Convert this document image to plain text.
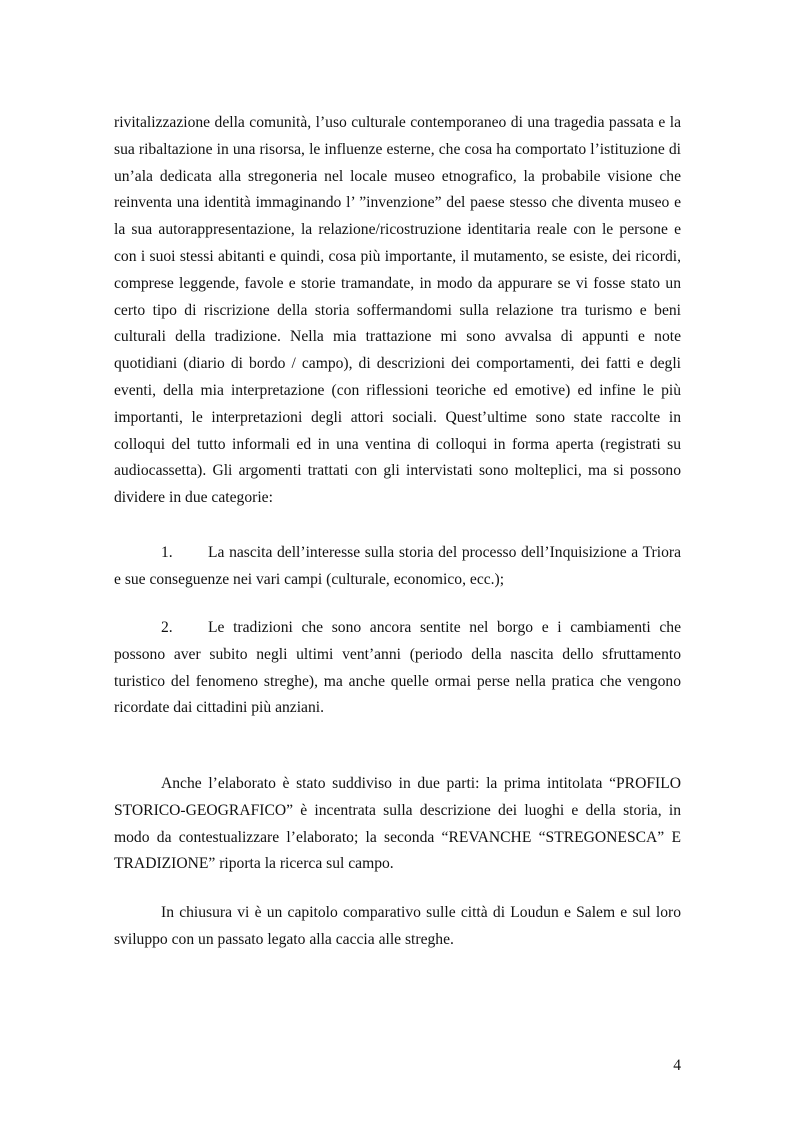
rivitalizzazione della comunità, l’uso culturale contemporaneo di una tragedia passata e la sua ribaltazione in una risorsa, le influenze esterne, che cosa ha comportato l’istituzione di un’ala dedicata alla stregoneria nel locale museo etnografico, la probabile visione che reinventa una identità immaginando l’ ”invenzione” del paese stesso che diventa museo e la sua autorappresentazione, la relazione/ricostruzione identitaria reale con le persone e con i suoi stessi abitanti e quindi, cosa più importante, il mutamento, se esiste, dei ricordi, comprese leggende, favole e storie tramandate, in modo da appurare se vi fosse stato un certo tipo di riscrizione della storia soffermandomi sulla relazione tra turismo e beni culturali della tradizione. Nella mia trattazione mi sono avvalsa di appunti e note quotidiani (diario di bordo / campo), di descrizioni dei comportamenti, dei fatti e degli eventi, della mia interpretazione (con riflessioni teoriche ed emotive) ed infine le più importanti, le interpretazioni degli attori sociali. Quest’ultime sono state raccolte in colloqui del tutto informali ed in una ventina di colloqui in forma aperta (registrati su audiocassetta). Gli argomenti trattati con gli intervistati sono molteplici, ma si possono dividere in due categorie:

1. La nascita dell’interesse sulla storia del processo dell’Inquisizione a Triora e sue conseguenze nei vari campi (culturale, economico, ecc.);

2. Le tradizioni che sono ancora sentite nel borgo e i cambiamenti che possono aver subito negli ultimi vent’anni (periodo della nascita dello sfruttamento turistico del fenomeno streghe), ma anche quelle ormai perse nella pratica che vengono ricordate dai cittadini più anziani.

Anche l’elaborato è stato suddiviso in due parti: la prima intitolata “PROFILO STORICO-GEOGRAFICO” è incentrata sulla descrizione dei luoghi e della storia, in modo da contestualizzare l’elaborato; la seconda “REVANCHE “STREGONESCA” E TRADIZIONE” riporta la ricerca sul campo.

In chiusura vi è un capitolo comparativo sulle città di Loudun e Salem e sul loro sviluppo con un passato legato alla caccia alle streghe.

4
